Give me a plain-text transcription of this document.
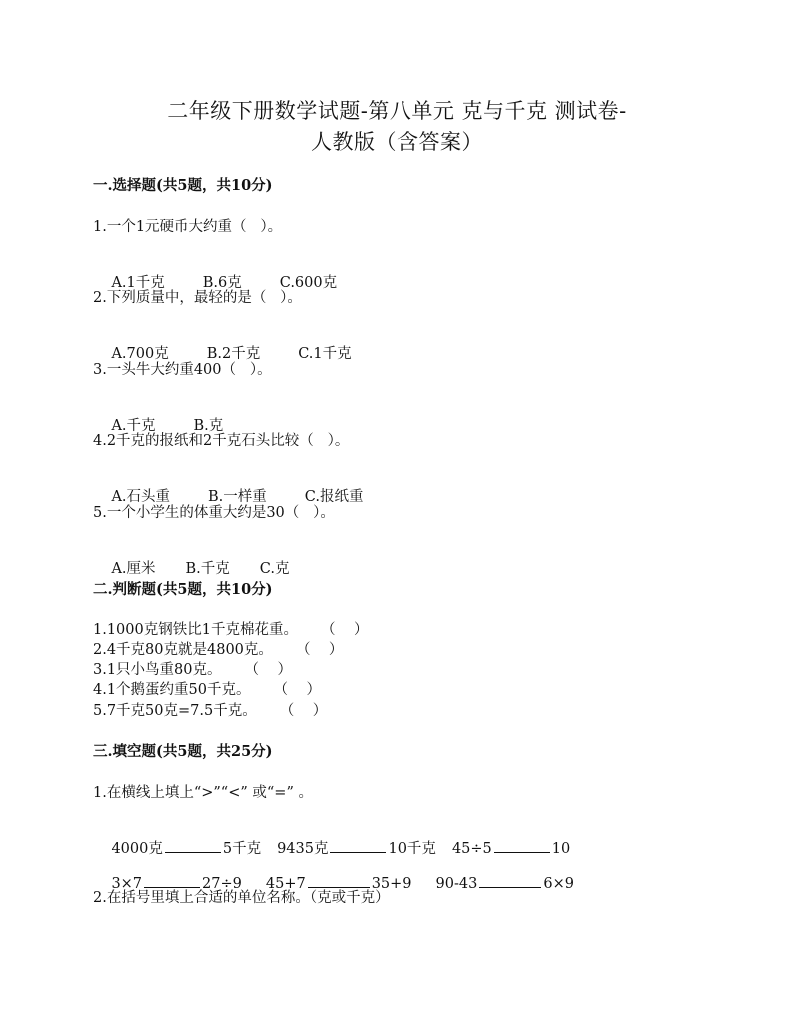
二年级下册数学试题-第八单元 克与千克 测试卷-
人教版（含答案）
一.选择题(共5题，共10分)
1.一个1元硬币大约重（   ）。

A.1千克	B.6克	C.600克

2.下列质量中，最轻的是（   ）。

A.700克	B.2千克	C.1千克

3.一头牛大约重400（   ）。

A.千克	B.克

4.2千克的报纸和2千克石头比较（   ）。

A.石头重	B.一样重	C.报纸重

5.一个小学生的体重大约是30（   ）。

A.厘米 B.千克 C.克

二.判断题(共5题，共10分)
1.1000克钢铁比1千克棉花重。     （    ）
2.4千克80克就是4800克。     （    ）
3.1只小鸟重80克。     （    ）
4.1个鹅蛋约重50千克。     （    ）
5.7千克50克=7.5千克。     （    ）
三.填空题(共5题，共25分)
1.在横线上填上“>”“<” 或“=” 。

4000克	5千克 9435克	10千克 45÷5	10

3×7	27÷9 45+7	35+9 90-43	6×9

2.在括号里填上合适的单位名称。（克或千克）
